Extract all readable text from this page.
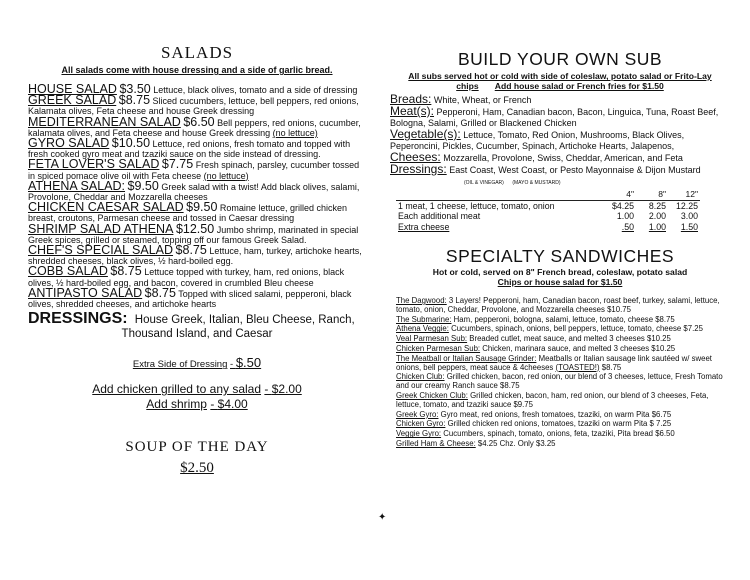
SALADS
All salads come with house dressing and a side of garlic bread.

HOUSE SALAD $3.50 Lettuce, black olives, tomato and a side of dressing

GREEK SALAD $8.75 Sliced cucumbers, lettuce, bell peppers, red onions, Kalamata olives, Feta cheese and house Greek dressing

MEDITERRANEAN SALAD $6.50 Bell peppers, red onions, cucumber, kalamata olives, and Feta cheese and house Greek dressing (no lettuce)

GYRO SALAD $10.50 Lettuce, red onions, fresh tomato and topped with fresh cooked gyro meat and tzaziki sauce on the side instead of dressing.

FETA LOVER'S SALAD $7.75 Fresh spinach, parsley, cucumber tossed in spiced pomace olive oil with Feta cheese (no lettuce)

ATHENA SALAD: $9.50 Greek salad with a twist! Add black olives, salami, Provolone, Cheddar and Mozzarella cheeses

CHICKEN CAESAR SALAD $9.50 Romaine lettuce, grilled chicken breast, croutons, Parmesan cheese and tossed in Caesar dressing

SHRIMP SALAD ATHENA $12.50 Jumbo shrimp, marinated in special Greek spices, grilled or steamed, topping off our famous Greek Salad.

CHEF'S SPECIAL SALAD $8.75 Lettuce, ham, turkey, artichoke hearts, shredded cheeses, black olives, ½ hard-boiled egg.

COBB SALAD $8.75 Lettuce topped with turkey, ham, red onions, black olives, ½ hard-boiled egg, and bacon, covered in crumbled Bleu cheese

ANTIPASTO SALAD $8.75 Topped with sliced salami, pepperoni, black olives, shredded cheeses, and artichoke hearts

DRESSINGS: House Greek, Italian, Bleu Cheese, Ranch,
Thousand Island, and Caesar
Extra Side of Dressing - $.50
Add chicken grilled to any salad - $2.00
Add shrimp - $4.00
SOUP OF THE DAY
$2.50
BUILD YOUR OWN SUB
All subs served hot or cold with side of coleslaw, potato salad or Frito-Lay
chips Add house salad or French fries for $1.50

Breads: White, Wheat, or French

Meat(s): Pepperoni, Ham, Canadian bacon, Bacon, Linguica, Tuna, Roast Beef, Bologna, Salami, Grilled or Blackened Chicken

Vegetable(s): Lettuce, Tomato, Red Onion, Mushrooms, Black Olives, Peperoncini, Pickles, Cucumber, Spinach, Artichoke Hearts, Jalapenos,

Cheeses: Mozzarella, Provolone, Swiss, Cheddar, American, and Feta

Dressings: East Coast, West Coast, or Pesto Mayonnaise & Dijon Mustard
(OIL & VINEGAR) (MAYO & MUSTARD)

	4"	8"	12"
1 meat, 1 cheese, lettuce, tomato, onion	$4.25	8.25	12.25
Each additional meat	1.00	2.00	3.00
Extra cheese	.50	1.00	1.50
SPECIALTY SANDWICHES
Hot or cold, served on 8" French bread, coleslaw, potato salad
Chips or house salad for $1.50

The Dagwood: 3 Layers! Pepperoni, ham, Canadian bacon, roast beef, turkey, salami, lettuce, tomato, onion, Cheddar, Provolone, and Mozzarella cheeses $10.75

The Submarine: Ham, pepperoni, bologna, salami, lettuce, tomato, cheese $8.75

Athena Veggie: Cucumbers, spinach, onions, bell peppers, lettuce, tomato, cheese $7.25

Veal Parmesan Sub: Breaded cutlet, meat sauce, and melted 3 cheeses $10.25

Chicken Parmesan Sub: Chicken, marinara sauce, and melted 3 cheeses $10.25

The Meatball or Italian Sausage Grinder: Meatballs or Italian sausage link sautéed w/ sweet onions, bell peppers, meat sauce & 4cheeses (TOASTED!) $8.75

Chicken Club: Grilled chicken, bacon, red onion, our blend of 3 cheeses, lettuce, Fresh Tomato and our creamy Ranch sauce $8.75

Greek Chicken Club: Grilled chicken, bacon, ham, red onion, our blend of 3 cheeses, Feta, lettuce, tomato, and tzaziki sauce $9.75

Greek Gyro: Gyro meat, red onions, fresh tomatoes, tzaziki, on warm Pita $6.75

Chicken Gyro: Grilled chicken red onions, tomatoes, tzaziki on warm Pita $ 7.25

Veggie Gyro: Cucumbers, spinach, tomato, onions, feta, tzaziki, Pita bread $6.50

Grilled Ham & Cheese: $4.25 Chz. Only $3.25

✦
